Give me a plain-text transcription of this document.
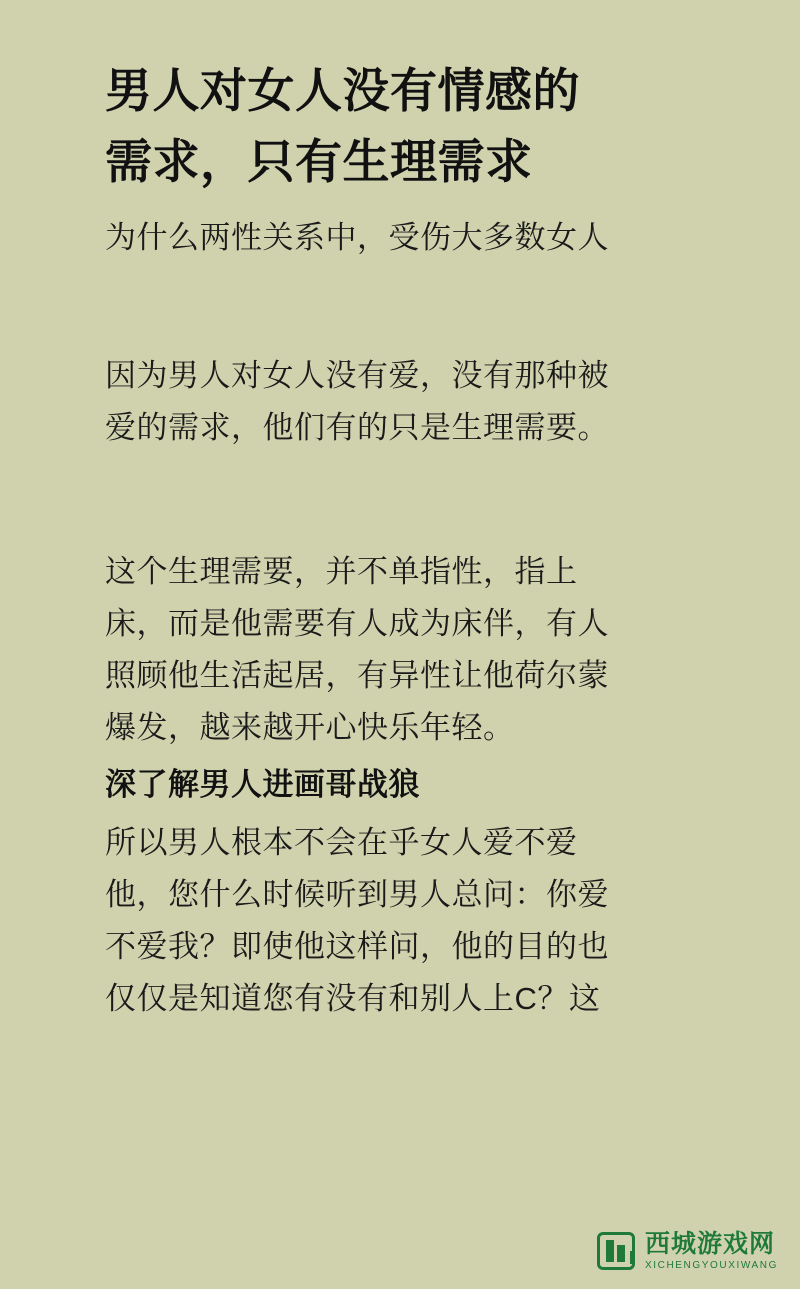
男人对女人没有情感的
需求，只有生理需求

为什么两性关系中，受伤大多数女人

因为男人对女人没有爱，没有那种被
爱的需求，他们有的只是生理需要。

这个生理需要，并不单指性，指上
床，而是他需要有人成为床伴，有人
照顾他生活起居，有异性让他荷尔蒙
爆发，越来越开心快乐年轻。

深了解男人进画哥战狼

所以男人根本不会在乎女人爱不爱
他，您什么时候听到男人总问：你爱
不爱我？即使他这样问，他的目的也
仅仅是知道您有没有和别人上C？这

西城游戏网
XICHENGYOUXIWANG
